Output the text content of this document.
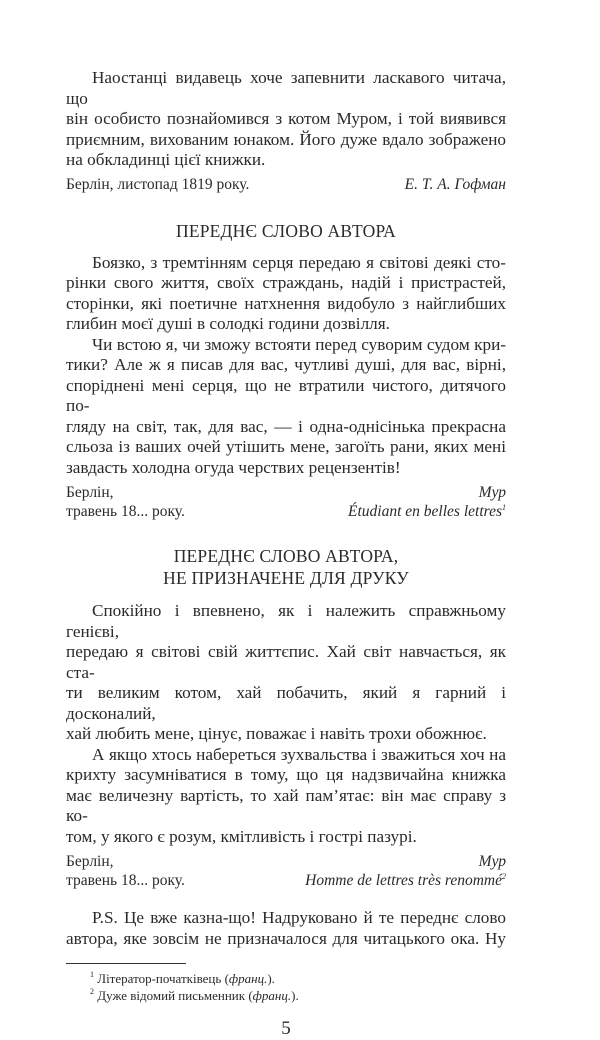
Наостанці видавець хоче запевнити ласкавого читача, що
він особисто познайомився з котом Муром, і той виявився
приємним, вихованим юнаком. Його дуже вдало зображено
на обкладинці цієї книжки.
Берлін, листопад 1819 року.	Е. Т. А. Гофман
ПЕРЕДНЄ СЛОВО АВТОРА
Боязко, з тремтінням серця передаю я світові деякі сто-
рінки свого життя, своїх страждань, надій і пристрастей,
сторінки, які поетичне натхнення видобуло з найглибших
глибин моєї душі в солодкі години дозвілля.
Чи встою я, чи зможу встояти перед суворим судом кри-
тики? Але ж я писав для вас, чутливі душі, для вас, вірні,
споріднені мені серця, що не втратили чистого, дитячого по-
гляду на світ, так, для вас, — і одна-однісінька прекрасна
сльоза із ваших очей утішить мене, загоїть рани, яких мені
завдасть холодна огуда черствих рецензентів!
Берлін,	Мур
травень 18... року.	Étudiant en belles lettres$^1$
ПЕРЕДНЄ СЛОВО АВТОРА,
НЕ ПРИЗНАЧЕНЕ ДЛЯ ДРУКУ
Спокійно і впевнено, як і належить справжньому генієві,
передаю я світові свій життєпис. Хай світ навчається, як ста-
ти великим котом, хай побачить, який я гарний і досконалий,
хай любить мене, цінує, поважає і навіть трохи обожнює.
А якщо хтось набереться зухвальства і зважиться хоч на
крихту засумніватися в тому, що ця надзвичайна книжка
має величезну вартість, то хай пам’ятає: він має справу з ко-
том, у якого є розум, кмітливість і гострі пазурі.
Берлін,	Мур
травень 18... року.	Homme de lettres très renommé$^2$
P.S. Це вже казна-що! Надруковано й те переднє слово
автора, яке зовсім не призначалося для читацького ока. Ну
$^1$ Літератор-початківець (франц.).
$^2$ Дуже відомий письменник (франц.).
5
